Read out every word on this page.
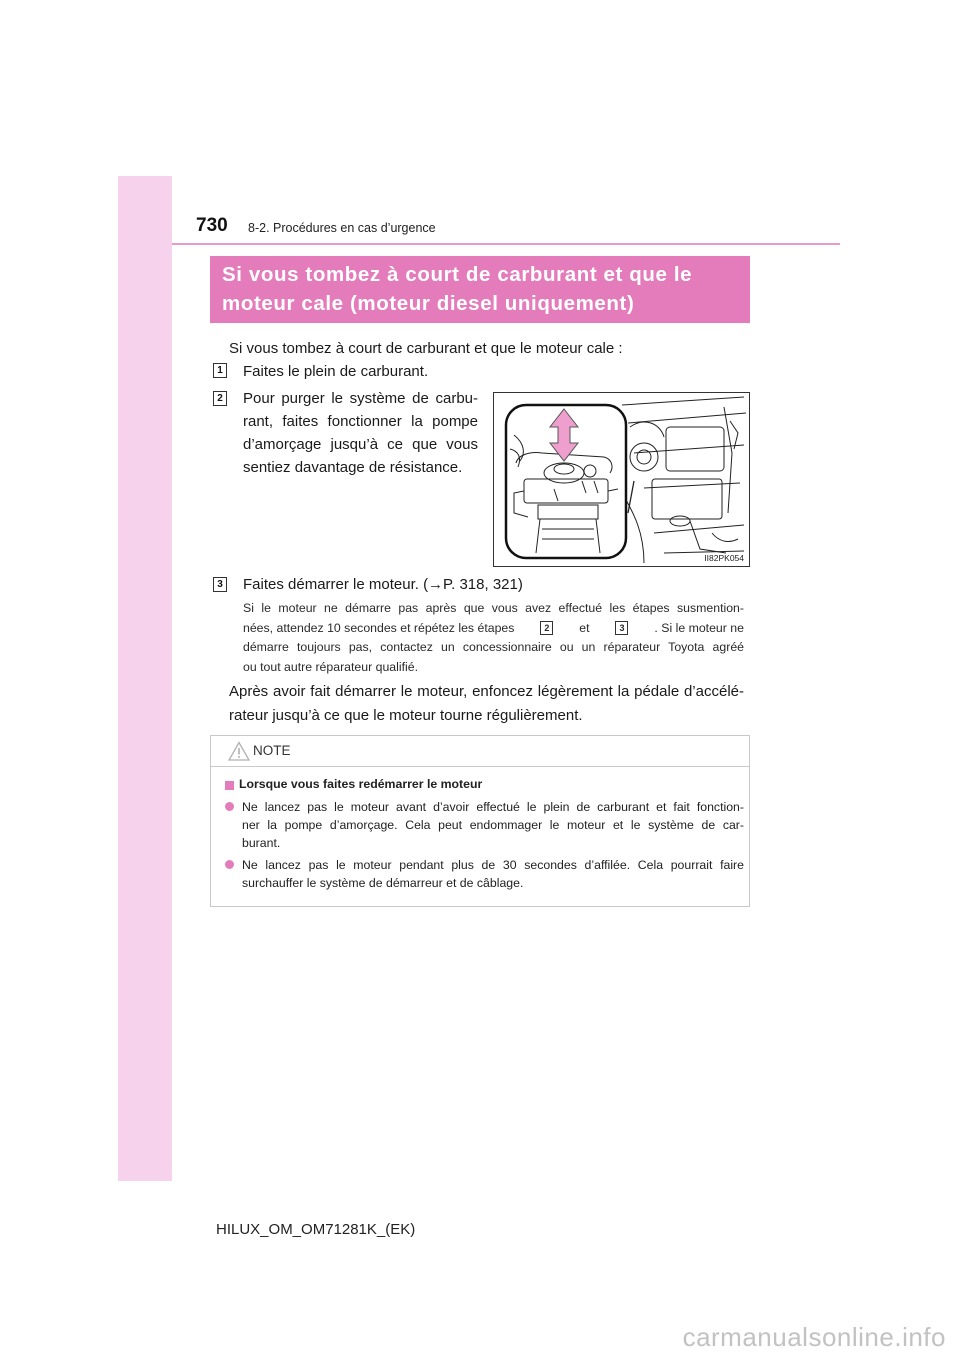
730 8-2. Procédures en cas d’urgence
Si vous tombez à court de carburant et que le
moteur cale (moteur diesel uniquement)
Si vous tombez à court de carburant et que le moteur cale :
1 Faites le plein de carburant.
2 Pour purger le système de carbu-
rant, faites fonctionner la pompe
d’amorçage jusqu’à ce que vous
sentiez davantage de résistance.
II82PK054
3 Faites démarrer le moteur. (→P. 318, 321)
Si le moteur ne démarre pas après que vous avez effectué les étapes susmention-
nées, attendez 10 secondes et répétez les étapes	2	et	3	. Si le moteur ne
démarre toujours pas, contactez un concessionnaire ou un réparateur Toyota agréé
ou tout autre réparateur qualifié.
Après avoir fait démarrer le moteur, enfoncez légèrement la pédale d’accélé-
rateur jusqu’à ce que le moteur tourne régulièrement.
NOTE
Lorsque vous faites redémarrer le moteur
Ne lancez pas le moteur avant d’avoir effectué le plein de carburant et fait fonction-
ner la pompe d’amorçage. Cela peut endommager le moteur et le système de car-
burant.
Ne lancez pas le moteur pendant plus de 30 secondes d’affilée. Cela pourrait faire
surchauffer le système de démarreur et de câblage.
HILUX_OM_OM71281K_(EK)
carmanualsonline.info
